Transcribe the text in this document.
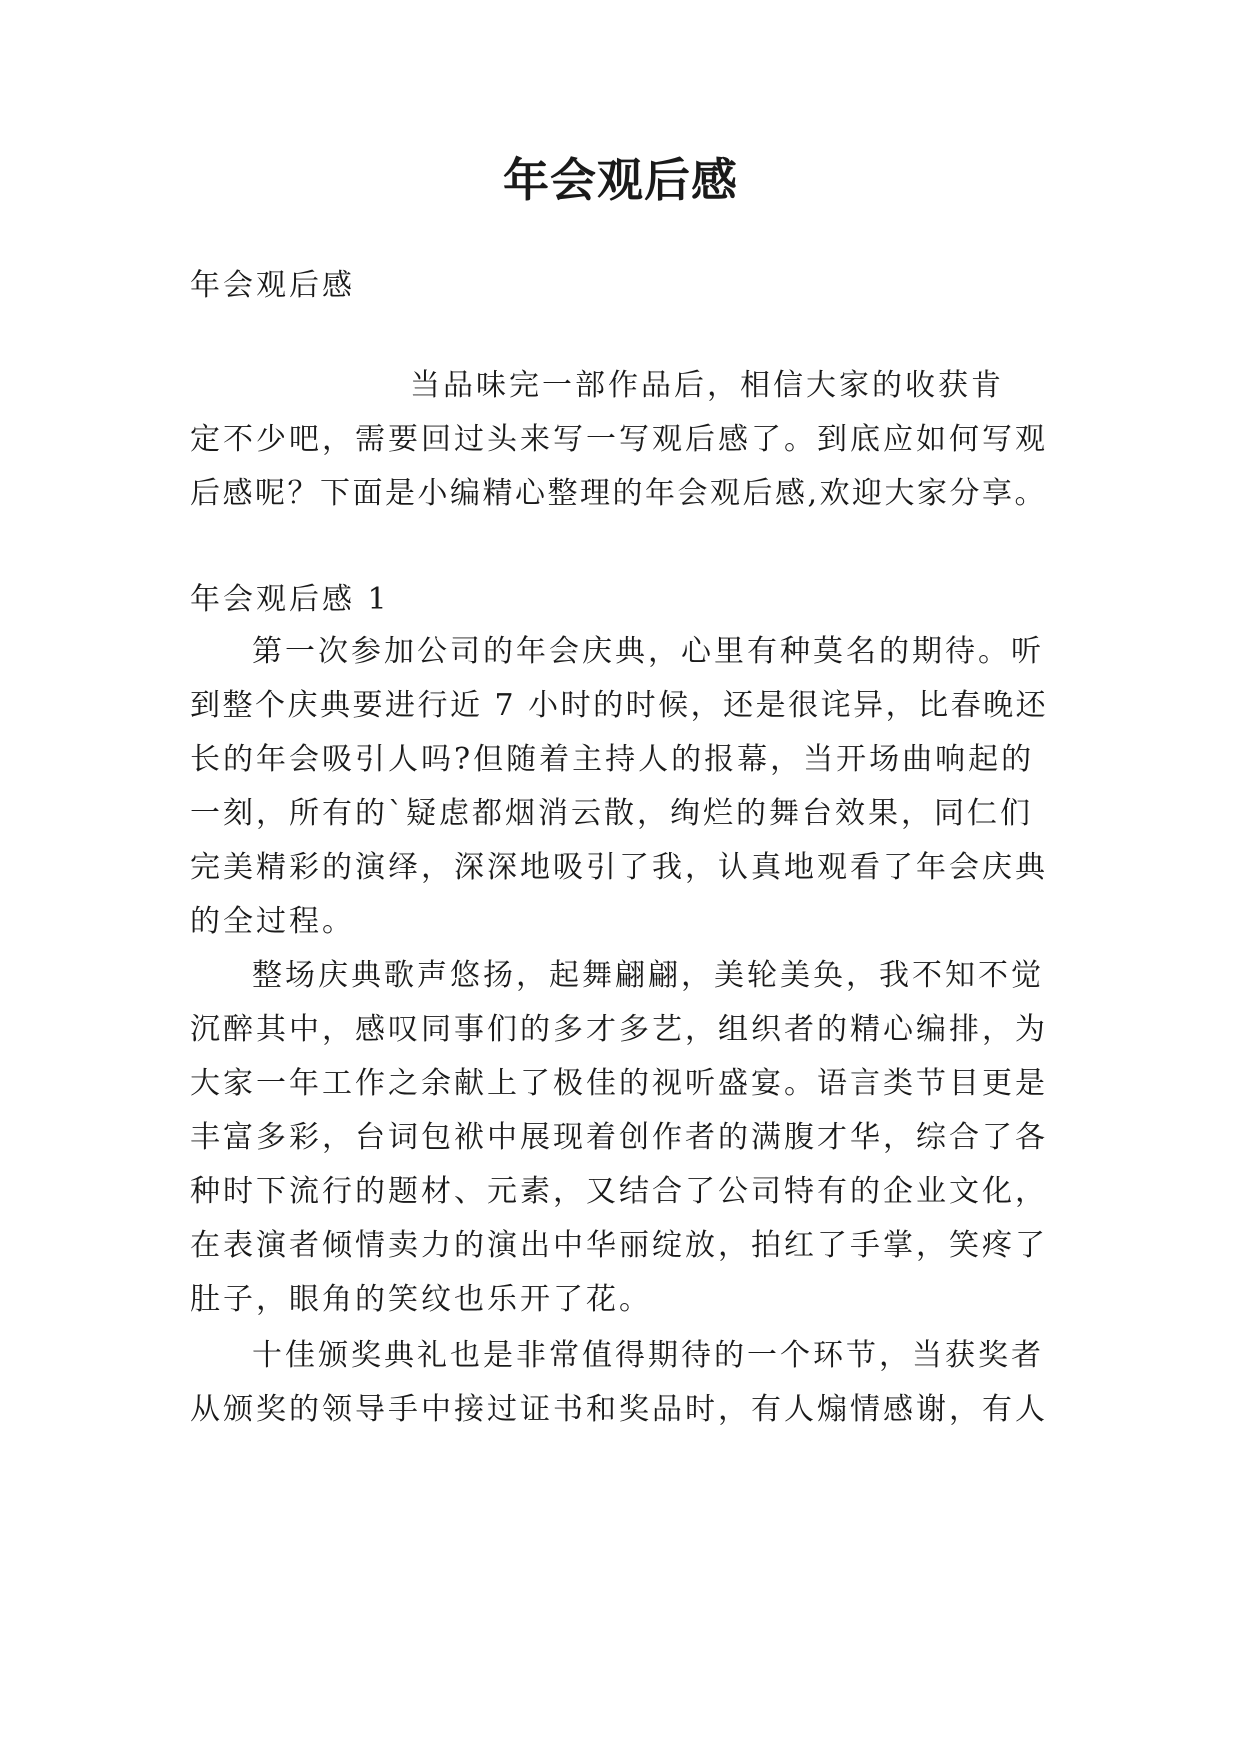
年会观后感
年会观后感
当品味完一部作品后，相信大家的收获肯
定不少吧，需要回过头来写一写观后感了。到底应如何写观
后感呢？下面是小编精心整理的年会观后感,欢迎大家分享。
年会观后感 1
第一次参加公司的年会庆典，心里有种莫名的期待。听
到整个庆典要进行近 7 小时的时候，还是很诧异，比春晚还
长的年会吸引人吗?但随着主持人的报幕，当开场曲响起的
一刻，所有的`疑虑都烟消云散，绚烂的舞台效果，同仁们
完美精彩的演绎，深深地吸引了我，认真地观看了年会庆典
的全过程。
整场庆典歌声悠扬，起舞翩翩，美轮美奂，我不知不觉
沉醉其中，感叹同事们的多才多艺，组织者的精心编排，为
大家一年工作之余献上了极佳的视听盛宴。语言类节目更是
丰富多彩，台词包袱中展现着创作者的满腹才华，综合了各
种时下流行的题材、元素，又结合了公司特有的企业文化，
在表演者倾情卖力的演出中华丽绽放，拍红了手掌，笑疼了
肚子，眼角的笑纹也乐开了花。
十佳颁奖典礼也是非常值得期待的一个环节，当获奖者
从颁奖的领导手中接过证书和奖品时，有人煽情感谢，有人
